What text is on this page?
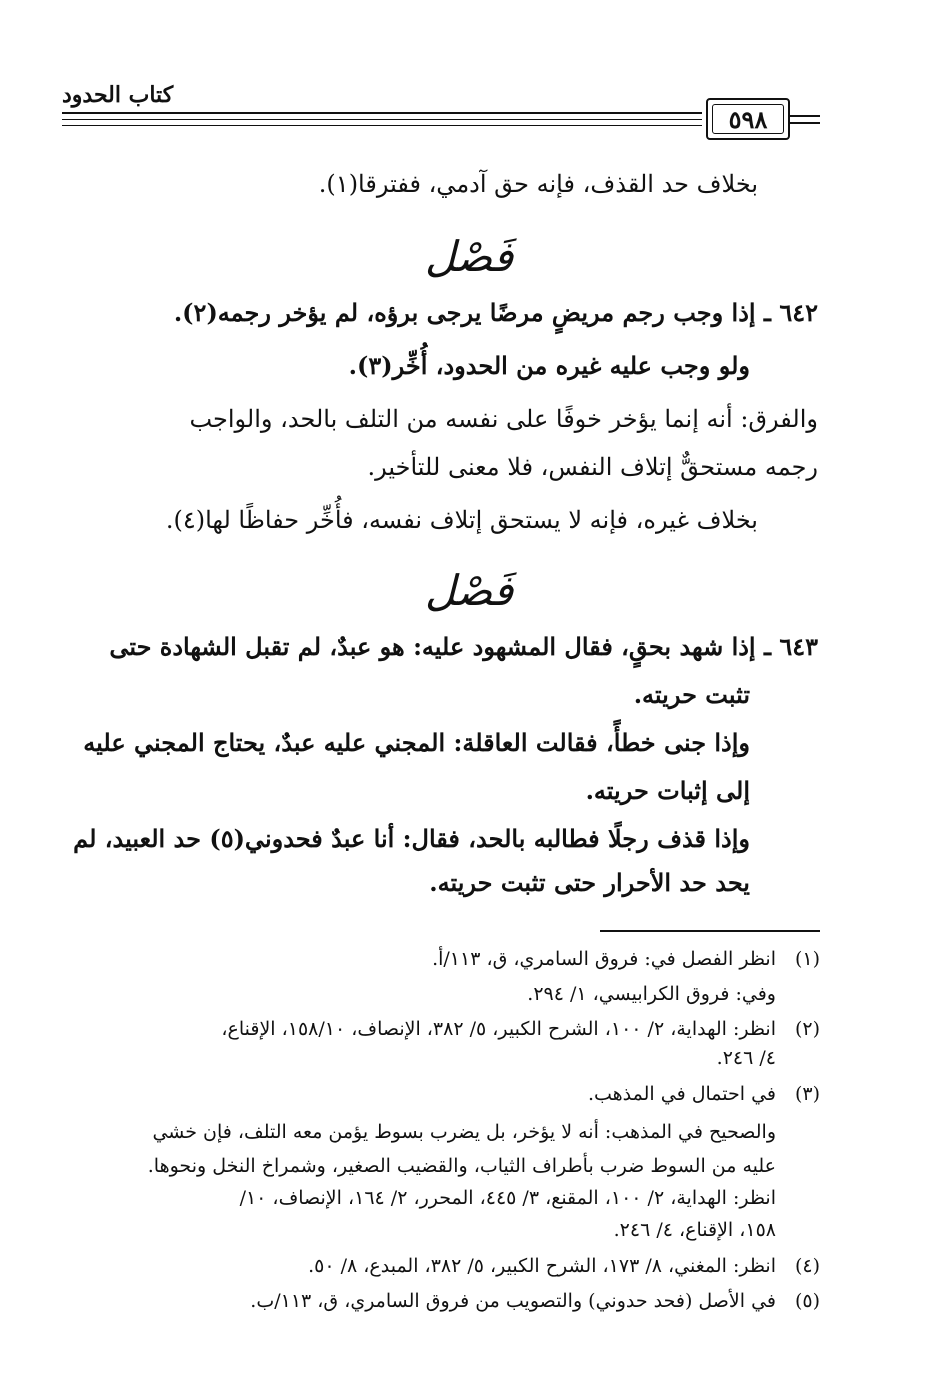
كتاب الحدود
٥٩٨
بخلاف حد القذف، فإنه حق آدمي، ففترقا(١).
فَصْل
٦٤٢ ـ إذا وجب رجم مريضٍ مرضًا يرجى برؤه، لم يؤخر رجمه(٢).
ولو وجب عليه غيره من الحدود، أُخِّر(٣).
والفرق: أنه إنما يؤخر خوفًا على نفسه من التلف بالحد، والواجب
رجمه مستحقٌّ إتلاف النفس، فلا معنى للتأخير.
بخلاف غيره، فإنه لا يستحق إتلاف نفسه، فأُخِّر حفاظًا لها(٤).
فَصْل
٦٤٣ ـ إذا شهد بحقٍ، فقال المشهود عليه: هو عبدٌ، لم تقبل الشهادة حتى
تثبت حريته.
وإذا جنى خطأً، فقالت العاقلة: المجني عليه عبدٌ، يحتاج المجني عليه
إلى إثبات حريته.
وإذا قذف رجلًا فطالبه بالحد، فقال: أنا عبدٌ فحدوني(٥) حد العبيد، لم
يحد حد الأحرار حتى تثبت حريته.
(١)
انظر الفصل في: فروق السامري، ق، ١١٣/أ.
وفي: فروق الكرابيسي، ١/ ٢٩٤.
(٢)
انظر: الهداية، ٢/ ١٠٠، الشرح الكبير، ٥/ ٣٨٢، الإنصاف، ١٥٨/١٠، الإقناع،
٤/ ٢٤٦.
(٣)
في احتمال في المذهب.
والصحيح في المذهب: أنه لا يؤخر، بل يضرب بسوط يؤمن معه التلف، فإن خشي
عليه من السوط ضرب بأطراف الثياب، والقضيب الصغير، وشمراخ النخل ونحوها.
انظر: الهداية، ٢/ ١٠٠، المقنع، ٣/ ٤٤٥، المحرر، ٢/ ١٦٤، الإنصاف، ١٠/
١٥٨، الإقناع، ٤/ ٢٤٦.
(٤)
انظر: المغني، ٨/ ١٧٣، الشرح الكبير، ٥/ ٣٨٢، المبدع، ٨/ ٥٠.
(٥)
في الأصل (فحد حدوني) والتصويب من فروق السامري، ق، ١١٣/ب.
